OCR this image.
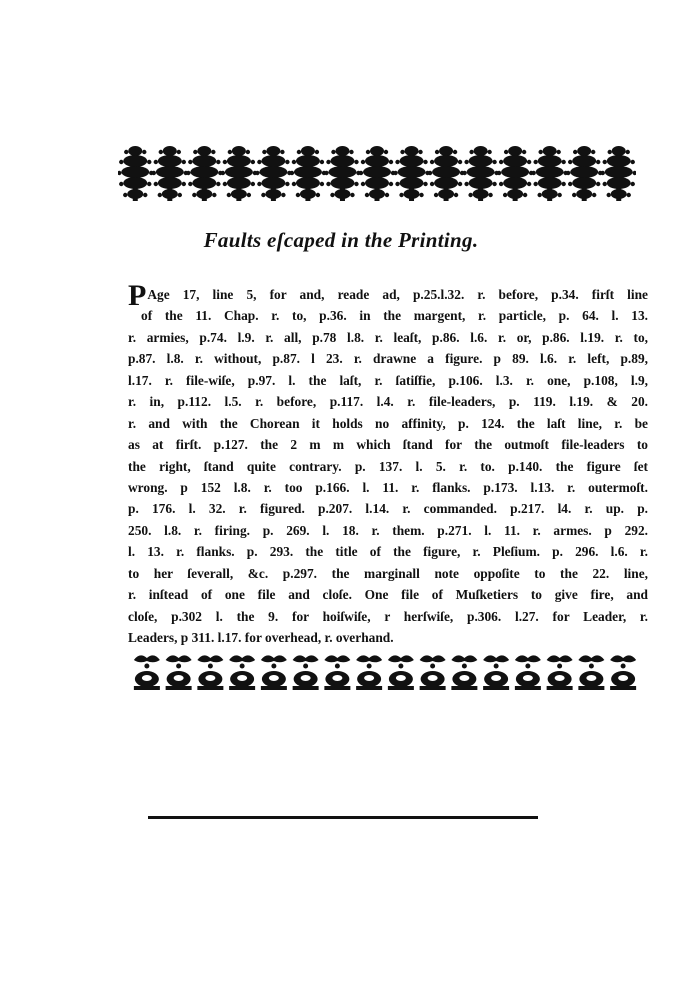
Faults eſcaped in the Printing.
PAge 17, line 5, for and, reade ad, p.25.l.32. r. before, p.34. firſt line
of the 11. Chap. r. to, p.36. in the margent, r. particle, p. 64. l. 13.
r. armies, p.74. l.9. r. all, p.78 l.8. r. leaſt, p.86. l.6. r. or, p.86. l.19. r. to,
p.87. l.8. r. without, p.87. l 23. r. drawne a figure. p 89. l.6. r. left, p.89,
l.17. r. file-wiſe, p.97. l. the laſt, r. ſatiſfie, p.106. l.3. r. one, p.108, l.9,
r. in, p.112. l.5. r. before, p.117. l.4. r. file-leaders, p. 119. l.19. & 20.
r. and with the Chorean it holds no affinity, p. 124. the laſt line, r. be
as at firſt. p.127. the 2 m m which ſtand for the outmoſt file-leaders to
the right, ſtand quite contrary. p. 137. l. 5. r. to. p.140. the figure ſet
wrong. p 152 l.8. r. too p.166. l. 11. r. flanks. p.173. l.13. r. outermoſt.
p. 176. l. 32. r. figured. p.207. l.14. r. commanded. p.217. l4. r. up. p.
250. l.8. r. firing. p. 269. l. 18. r. them. p.271. l. 11. r. armes. p 292.
l. 13. r. flanks. p. 293. the title of the figure, r. Pleſium. p. 296. l.6. r.
to her ſeverall, &c. p.297. the marginall note oppoſite to the 22. line,
r. inſtead of one file and cloſe. One file of Muſketiers to give fire, and
cloſe, p.302 l. the 9. for hoiſwiſe, r herſwiſe, p.306. l.27. for Leader, r.
Leaders, p 311. l.17. for overhead, r. overhand.
